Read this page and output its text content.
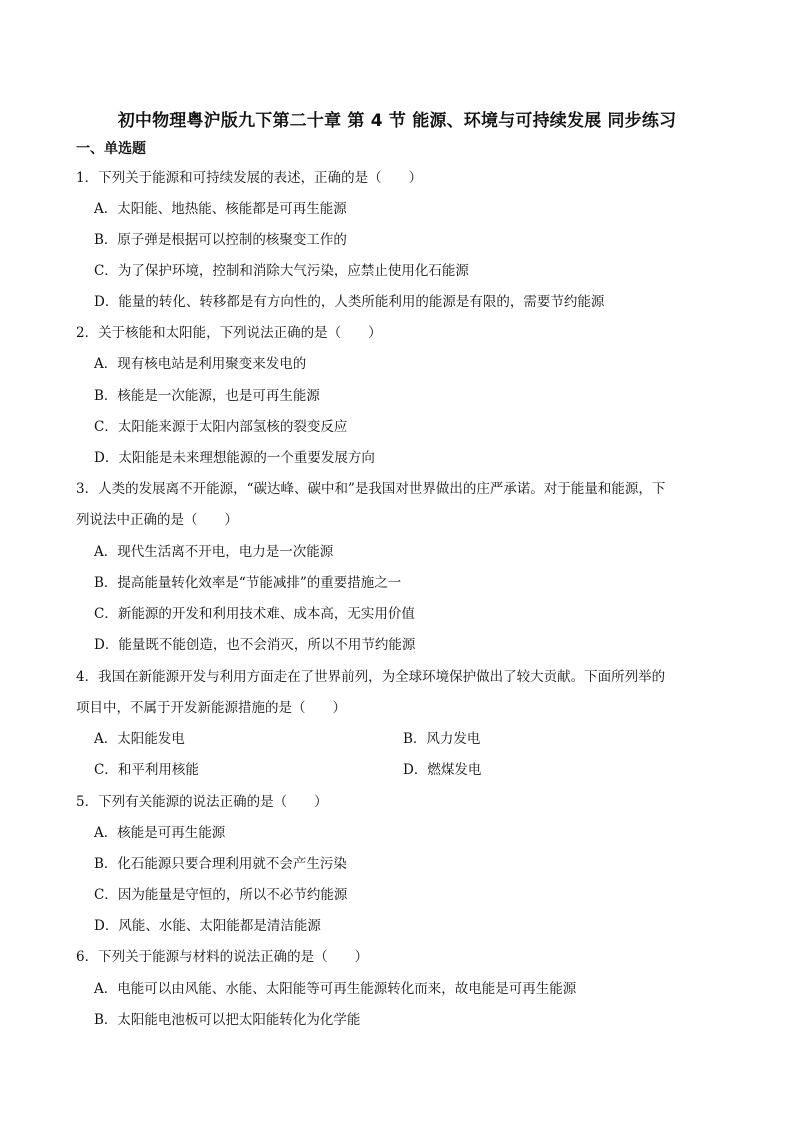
初中物理粤沪版九下第二十章 第 4 节 能源、环境与可持续发展 同步练习
一、单选题
1．下列关于能源和可持续发展的表述，正确的是（　　）
A．太阳能、地热能、核能都是可再生能源
B．原子弹是根据可以控制的核聚变工作的
C．为了保护环境，控制和消除大气污染，应禁止使用化石能源
D．能量的转化、转移都是有方向性的，人类所能利用的能源是有限的，需要节约能源
2．关于核能和太阳能，下列说法正确的是（　　）
A．现有核电站是利用聚变来发电的
B．核能是一次能源，也是可再生能源
C．太阳能来源于太阳内部氢核的裂变反应
D．太阳能是未来理想能源的一个重要发展方向
3．人类的发展离不开能源，“碳达峰、碳中和”是我国对世界做出的庄严承诺。对于能量和能源，下
列说法中正确的是（　　）
A．现代生活离不开电，电力是一次能源
B．提高能量转化效率是“节能减排”的重要措施之一
C．新能源的开发和利用技术难、成本高，无实用价值
D．能量既不能创造，也不会消灭，所以不用节约能源
4．我国在新能源开发与利用方面走在了世界前列，为全球环境保护做出了较大贡献。下面所列举的
项目中，不属于开发新能源措施的是（　　）
A．太阳能发电	B．风力发电
C．和平利用核能	D．燃煤发电
5．下列有关能源的说法正确的是（　　）
A．核能是可再生能源
B．化石能源只要合理利用就不会产生污染
C．因为能量是守恒的，所以不必节约能源
D．风能、水能、太阳能都是清洁能源
6．下列关于能源与材料的说法正确的是（　　）
A．电能可以由风能、水能、太阳能等可再生能源转化而来，故电能是可再生能源
B．太阳能电池板可以把太阳能转化为化学能
